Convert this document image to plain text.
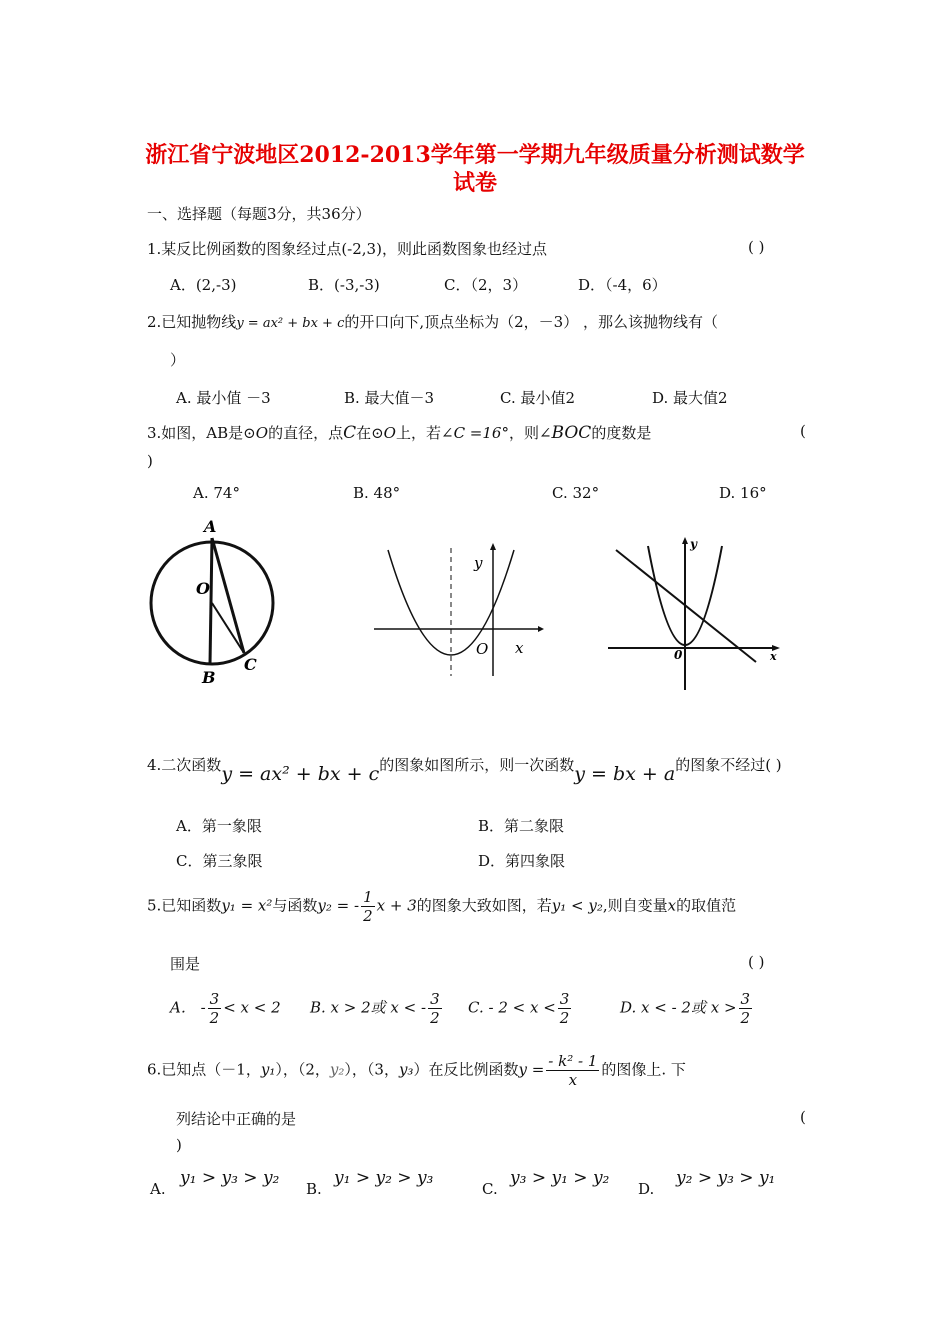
浙江省宁波地区2012-2013学年第一学期九年级质量分析测试数学
试卷
一、选择题（每题3分，共36分）
1.某反比例函数的图象经过点(-2,3)，则此函数图象也经过点	( )
A．(2,-3)	B．(-3,-3)	C．（2，3）	D．（-4，6）
2.已知抛物线y = ax² + bx + c的开口向下,顶点坐标为（2，－3） ，那么该抛物线有（
）
A. 最小值 －3	B. 最大值－3	C. 最小值2	D. 最大值2
3.如图，AB是⊙O的直径，点C在⊙O上，若∠C =16°，则∠BOC的度数是	(
)
A. 74°	B. 48°	C. 32°	D. 16°
A
O
B
C
y
O x
y
0	x
4.二次函数y = ax² + bx + c的图象如图所示，则一次函数y = bx + a的图象不经过( )
A．第一象限	B．第二象限
C．第三象限	D．第四象限
5.已知函数y₁ = x²与函数y₂ = - $\frac{1}{2}$ x + 3的图象大致如图，若y₁ < y₂,则自变量x的取值范
围是	( )
A． - $\frac{3}{2} < x < 2$ B. x > 2或 x < - $\frac{3}{2} C$. - $2 < x < \frac{3}{2}$	D. x < - 2或 $x > \frac{3}{2}$
6.已知点（－1，y₁），（2，y₂），（3，y₃）在反比例函数$y = \frac{\text{- k² - 1}}{x}$ 的图像上. 下
列结论中正确的是	(
)
A.
y₁ > y₃ > y₂
B.
y₁ > y₂ > y₃
C.
y₃ > y₁ > y₂
D.
y₂ > y₃ > y₁
